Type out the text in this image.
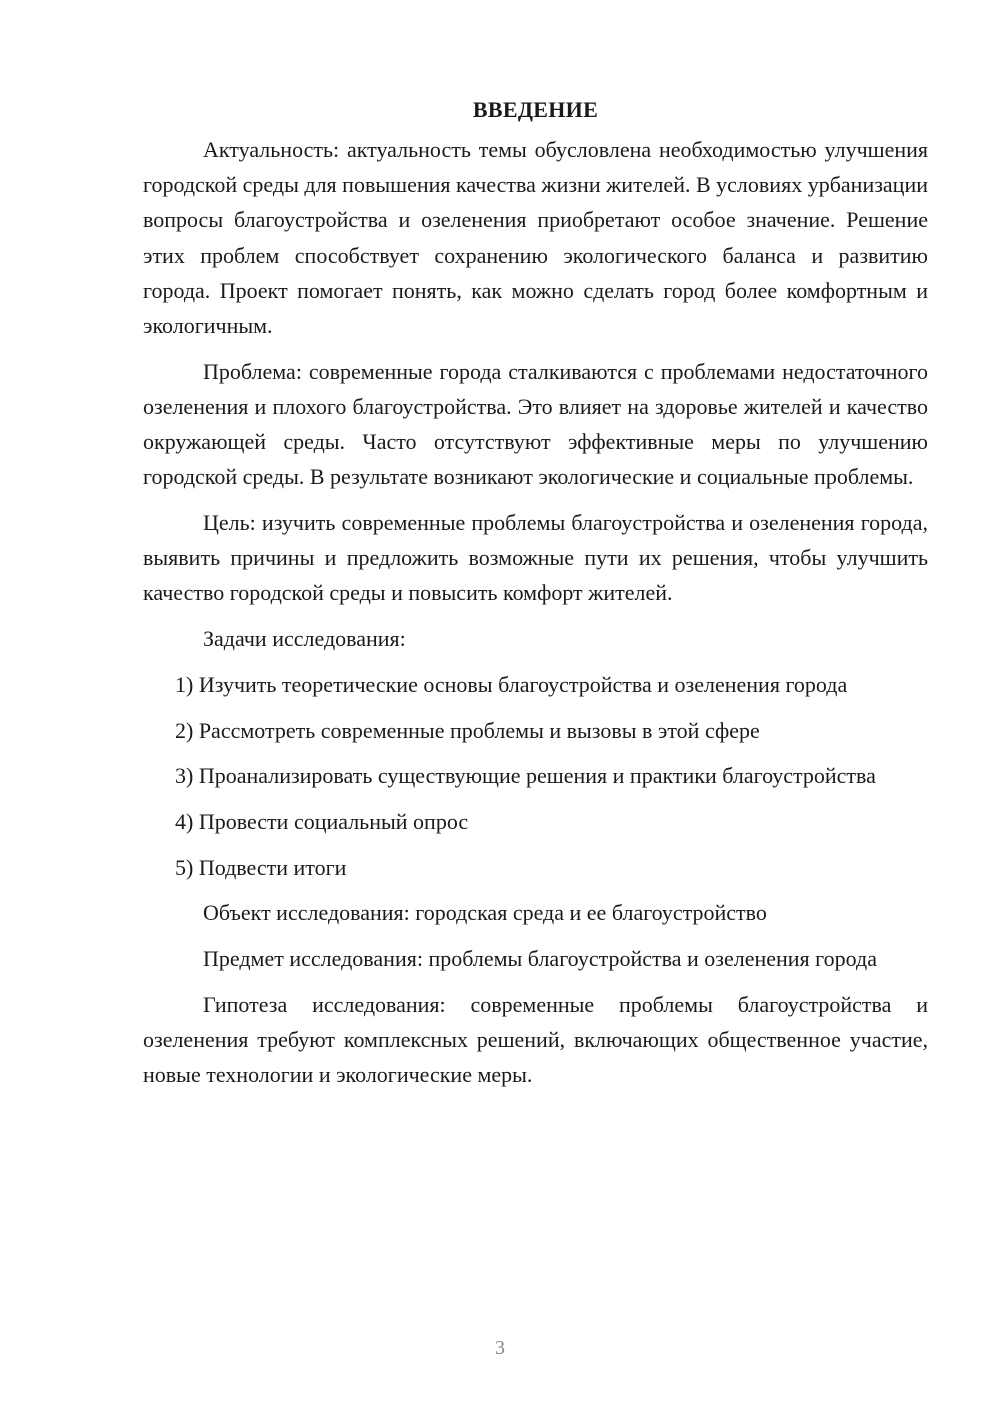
ВВЕДЕНИЕ

Актуальность: актуальность темы обусловлена необходимостью улучшения городской среды для повышения качества жизни жителей. В условиях урбанизации вопросы благоустройства и озеленения приобретают особое значение. Решение этих проблем способствует сохранению экологического баланса и развитию города. Проект помогает понять, как можно сделать город более комфортным и экологичным.

Проблема: современные города сталкиваются с проблемами недостаточного озеленения и плохого благоустройства. Это влияет на здоровье жителей и качество окружающей среды. Часто отсутствуют эффективные меры по улучшению городской среды. В результате возникают экологические и социальные проблемы.

Цель: изучить современные проблемы благоустройства и озеленения города, выявить причины и предложить возможные пути их решения, чтобы улучшить качество городской среды и повысить комфорт жителей.

Задачи исследования:

1) Изучить теоретические основы благоустройства и озеленения города

2) Рассмотреть современные проблемы и вызовы в этой сфере

3) Проанализировать существующие решения и практики благоустройства

4) Провести социальный опрос

5) Подвести итоги

Объект исследования: городская среда и ее благоустройство

Предмет исследования: проблемы благоустройства и озеленения города

Гипотеза исследования: современные проблемы благоустройства и озеленения требуют комплексных решений, включающих общественное участие, новые технологии и экологические меры.

3
